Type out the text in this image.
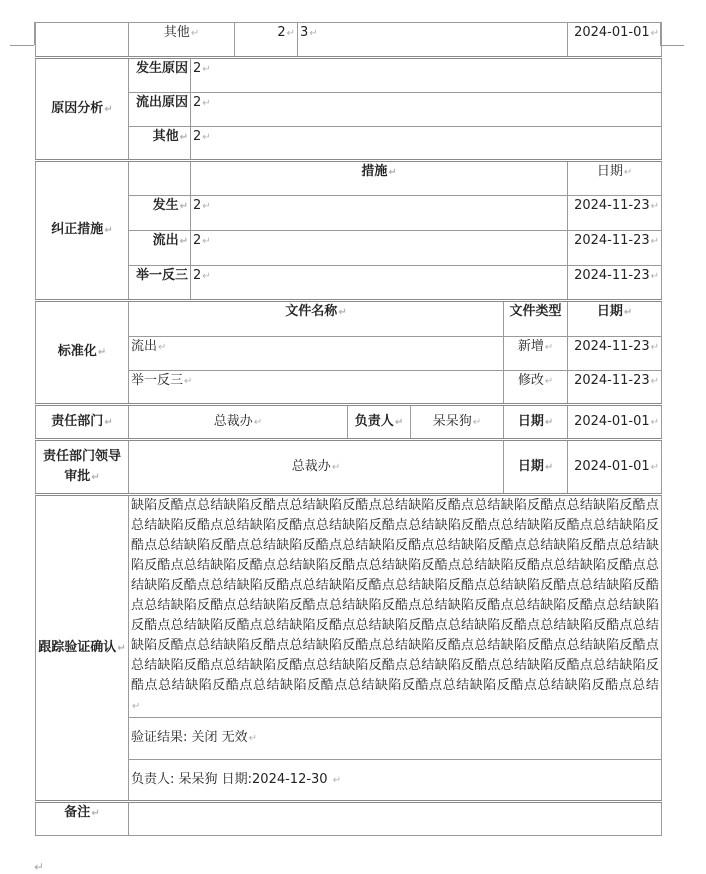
	其他↵		2↵	3↵				2024-01-01↵
原因分析↵	发生原因	2↵						
	流出原因	2↵						
	其他↵	2↵						
纠正措施↵		措施↵						日期↵
	发生↵	2↵						2024-11-23↵
	流出↵	2↵						2024-11-23↵
	举一反三	2↵						2024-11-23↵
标准化↵	文件名称↵						文件类型	日期↵
	流出↵						新增↵	2024-11-23↵
	举一反三↵						修改↵	2024-11-23↵
责任部门↵	总裁办↵				负责人↵	呆呆狗↵	日期↵	2024-01-01↵
责任部门领导审批↵	总裁办↵						日期↵	2024-01-01↵
跟踪验证确认↵	缺陷反酷点总结缺陷反酷点总结缺陷反酷点总结缺陷反酷点总结缺陷反酷点总结缺陷反酷点总结缺陷反酷点总结缺陷反酷点总结缺陷反酷点总结缺陷反酷点总结缺陷反酷点总结缺陷反酷点总结缺陷反酷点总结缺陷反酷点总结缺陷反酷点总结缺陷反酷点总结缺陷反酷点总结缺陷反酷点总结缺陷反酷点总结缺陷反酷点总结缺陷反酷点总结缺陷反酷点总结缺陷反酷点总结缺陷反酷点总结缺陷反酷点总结缺陷反酷点总结缺陷反酷点总结缺陷反酷点总结缺陷反酷点总结缺陷反酷点总结缺陷反酷点总结缺陷反酷点总结缺陷反酷点总结缺陷反酷点总结缺陷反酷点总结缺陷反酷点总结缺陷反酷点总结缺陷反酷点总结缺陷反酷点总结缺陷反酷点总结缺陷反酷点总结缺陷反酷点总结缺陷反酷点总结缺陷反酷点总结缺陷反酷点总结缺陷反酷点总结缺陷反酷点总结缺陷反酷点总结缺陷反酷点总结缺陷反酷点总结缺陷反酷点总结缺陷反酷点总结缺陷反酷点总结缺陷反酷点总结缺陷反酷点总结缺陷反酷点总结缺陷反酷点总结 ↵							
	验证结果: 关闭 无效↵							
	负责人: 呆呆狗 日期:2024-12-30 ↵							
备注↵								
↵
